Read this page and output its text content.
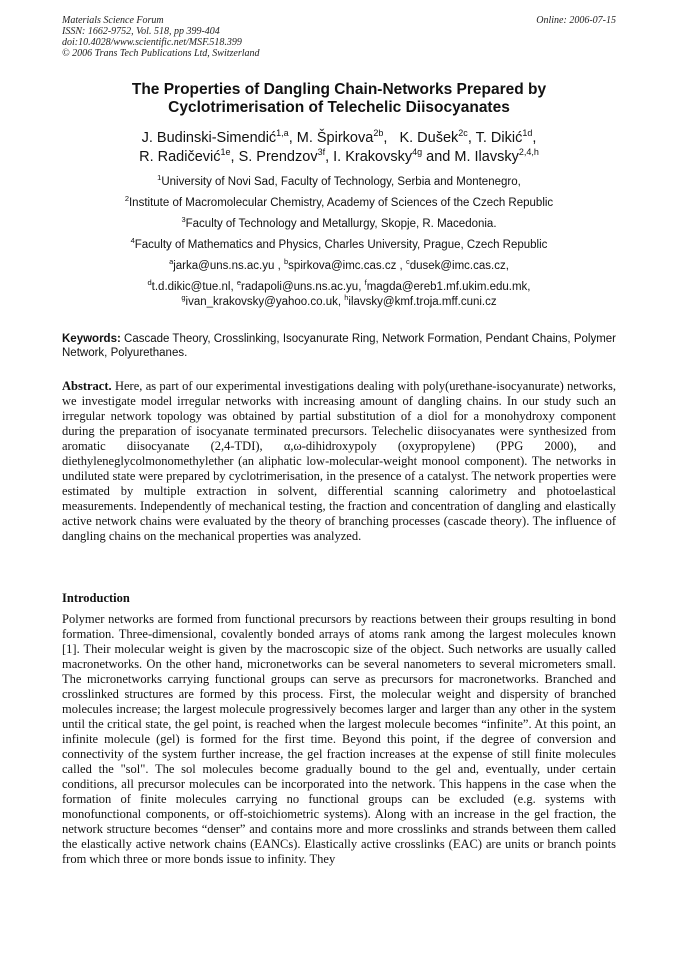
Materials Science Forum
ISSN: 1662-9752, Vol. 518, pp 399-404
doi:10.4028/www.scientific.net/MSF.518.399
© 2006 Trans Tech Publications Ltd, Switzerland
Online: 2006-07-15
The Properties of Dangling Chain-Networks Prepared by
Cyclotrimerisation of Telechelic Diisocyanates
J. Budinski-Simendić$^{1,a}$, M. Špirkova$^{2b}$,   K. Dušek$^{2c}$, T. Dikić$^{1d}$,
R. Radičević$^{1e}$, S. Prendzov$^{3f}$, I. Krakovsky$^{4g}$ and M. Ilavsky$^{2,4,h}$
$^1$University of Novi Sad, Faculty of Technology, Serbia and Montenegro,
$^2$Institute of Macromolecular Chemistry, Academy of Sciences of the Czech Republic
$^3$Faculty of Technology and Metallurgy, Skopje, R. Macedonia.
$^4$Faculty of Mathematics and Physics, Charles University, Prague, Czech Republic
$^a$jarka@uns.ns.ac.yu , $^b$spirkova@imc.cas.cz , $^c$dusek@imc.cas.cz,
$^d$t.d.dikic@tue.nl, $^e$radapoli@uns.ns.ac.yu, $^f$magda@ereb1.mf.ukim.edu.mk,
$^g$ivan_krakovsky@yahoo.co.uk, $^h$ilavsky@kmf.troja.mff.cuni.cz
Keywords: Cascade Theory, Crosslinking, Isocyanurate Ring, Network Formation, Pendant Chains, Polymer Network, Polyurethanes.
Abstract. Here, as part of our experimental investigations dealing with poly(urethane-isocyanurate) networks, we investigate model irregular networks with increasing amount of dangling chains. In our study such an irregular network topology was obtained by partial substitution of a diol for a monohydroxy component during the preparation of isocyanate terminated precursors. Telechelic diisocyanates were synthesized from aromatic diisocyanate (2,4-TDI), α,ω-dihidroxypoly (oxypropylene) (PPG 2000), and diethyleneglycolmonomethylether (an aliphatic low-molecular-weight monool component). The networks in undiluted state were prepared by cyclotrimerisation, in the presence of a catalyst. The network properties were estimated by multiple extraction in solvent, differential scanning calorimetry and photoelastical measurements. Independently of mechanical testing, the fraction and concentration of dangling and elastically active network chains were evaluated by the theory of branching processes (cascade theory). The influence of dangling chains on the mechanical properties was analyzed.
Introduction
Polymer networks are formed from functional precursors by reactions between their groups resulting in bond formation. Three-dimensional, covalently bonded arrays of atoms rank among the largest molecules known [1]. Their molecular weight is given by the macroscopic size of the object. Such networks are usually called macronetworks. On the other hand, micronetworks can be several nanometers to several micrometers small. The micronetworks carrying functional groups can serve as precursors for macronetworks. Branched and crosslinked structures are formed by this process. First, the molecular weight and dispersity of branched molecules increase; the largest molecule progressively becomes larger and larger than any other in the system until the critical state, the gel point, is reached when the largest molecule becomes “infinite”. At this point, an infinite molecule (gel) is formed for the first time. Beyond this point, if the degree of conversion and connectivity of the system further increase, the gel fraction increases at the expense of still finite molecules called the "sol". The sol molecules become gradually bound to the gel and, eventually, under certain conditions, all precursor molecules can be incorporated into the network. This happens in the case when the formation of finite molecules carrying no functional groups can be excluded (e.g. systems with monofunctional components, or off-stoichiometric systems). Along with an increase in the gel fraction, the network structure becomes “denser” and contains more and more crosslinks and strands between them called the elastically active network chains (EANCs). Elastically active crosslinks (EAC) are units or branch points from which three or more bonds issue to infinity. They
